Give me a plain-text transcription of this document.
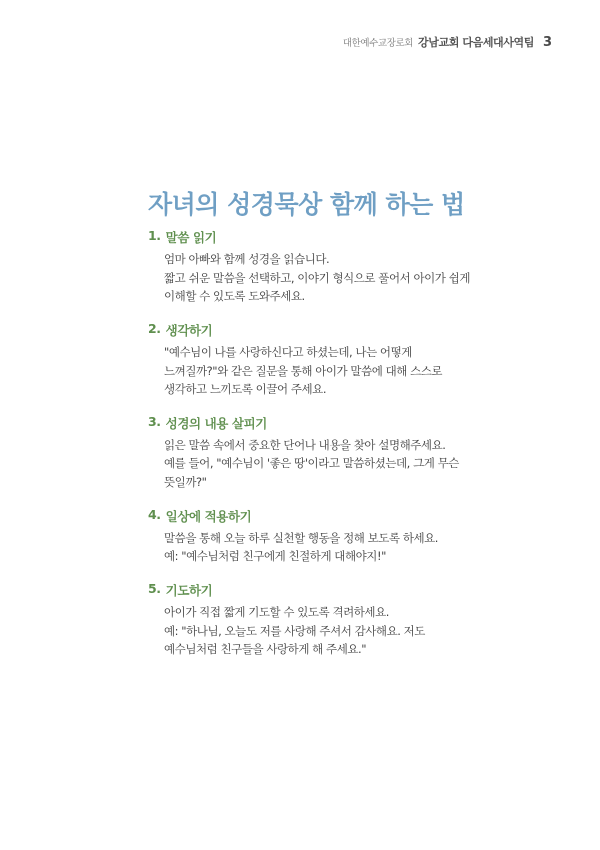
대한예수교장로회 강남교회 다음세대사역팀 3
자녀의 성경묵상 함께 하는 법
1. 말씀 읽기

엄마 아빠와 함께 성경을 읽습니다.

짧고 쉬운 말씀을 선택하고, 이야기 형식으로 풀어서 아이가 쉽게 이해할 수 있도록 도와주세요.

2. 생각하기

"예수님이 나를 사랑하신다고 하셨는데, 나는 어떻게 느껴질까?"와 같은 질문을 통해 아이가 말씀에 대해 스스로 생각하고 느끼도록 이끌어 주세요.

3. 성경의 내용 살피기

읽은 말씀 속에서 중요한 단어나 내용을 찾아 설명해주세요.

예를 들어, "예수님이 '좋은 땅'이라고 말씀하셨는데, 그게 무슨 뜻일까?"

4. 일상에 적용하기

말씀을 통해 오늘 하루 실천할 행동을 정해 보도록 하세요.

예: "예수님처럼 친구에게 친절하게 대해야지!"

5. 기도하기

아이가 직접 짧게 기도할 수 있도록 격려하세요.

예: "하나님, 오늘도 저를 사랑해 주셔서 감사해요. 저도 예수님처럼 친구들을 사랑하게 해 주세요."
